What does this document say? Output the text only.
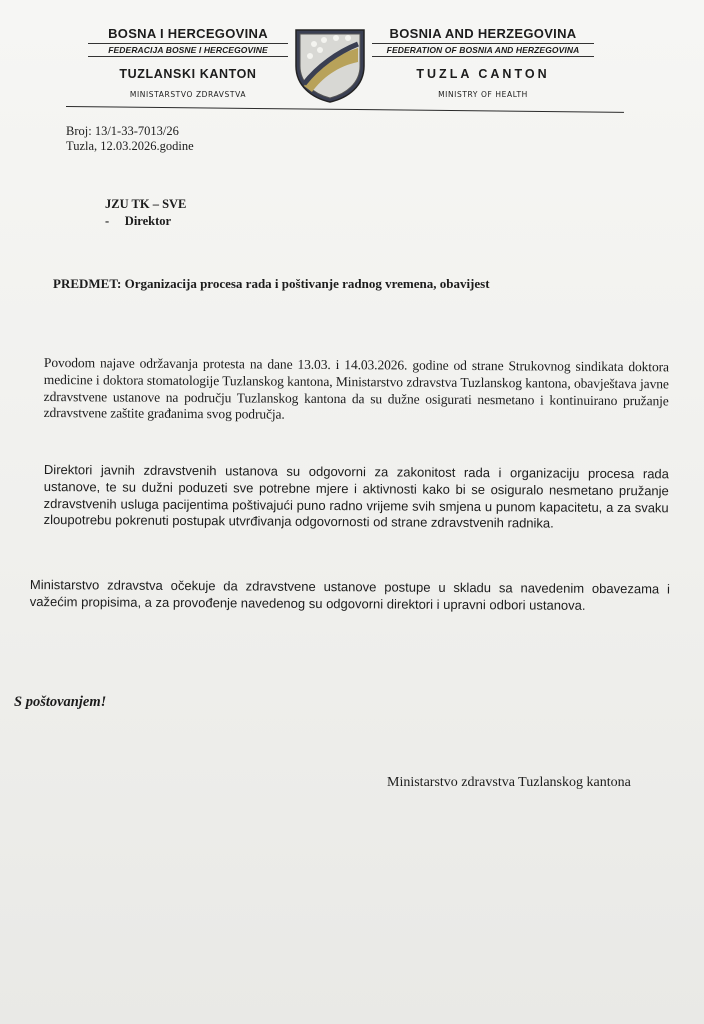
BOSNA I HERCEGOVINA
FEDERACIJA BOSNE I HERCEGOVINE
TUZLANSKI KANTON
MINISTARSTVO ZDRAVSTVA
BOSNIA AND HERZEGOVINA
FEDERATION OF BOSNIA AND HERZEGOVINA
TUZLA CANTON
MINISTRY OF HEALTH
Broj: 13/1-33-7013/26
Tuzla, 12.03.2026.godine
JZU TK – SVE
-     Direktor
PREDMET: Organizacija procesa rada i poštivanje radnog vremena, obavijest
Povodom najave održavanja protesta na dane 13.03. i 14.03.2026. godine od strane Strukovnog sindikata doktora medicine i doktora stomatologije Tuzlanskog kantona, Ministarstvo zdravstva Tuzlanskog kantona, obavještava javne zdravstvene ustanove na području Tuzlanskog kantona da su dužne osigurati nesmetano i kontinuirano pružanje zdravstvene zaštite građanima svog područja.
Direktori javnih zdravstvenih ustanova su odgovorni za zakonitost rada i organizaciju procesa rada ustanove, te su dužni poduzeti sve potrebne mjere i aktivnosti kako bi se osiguralo nesmetano pružanje zdravstvenih usluga pacijentima poštivajući puno radno vrijeme svih smjena u punom kapacitetu, a za svaku zloupotrebu pokrenuti postupak utvrđivanja odgovornosti od strane zdravstvenih radnika.
Ministarstvo zdravstva očekuje da zdravstvene ustanove postupe u skladu sa navedenim obavezama i važećim propisima, a za provođenje navedenog su odgovorni direktori i upravni odbori ustanova.
S poštovanjem!
Ministarstvo zdravstva Tuzlanskog kantona
